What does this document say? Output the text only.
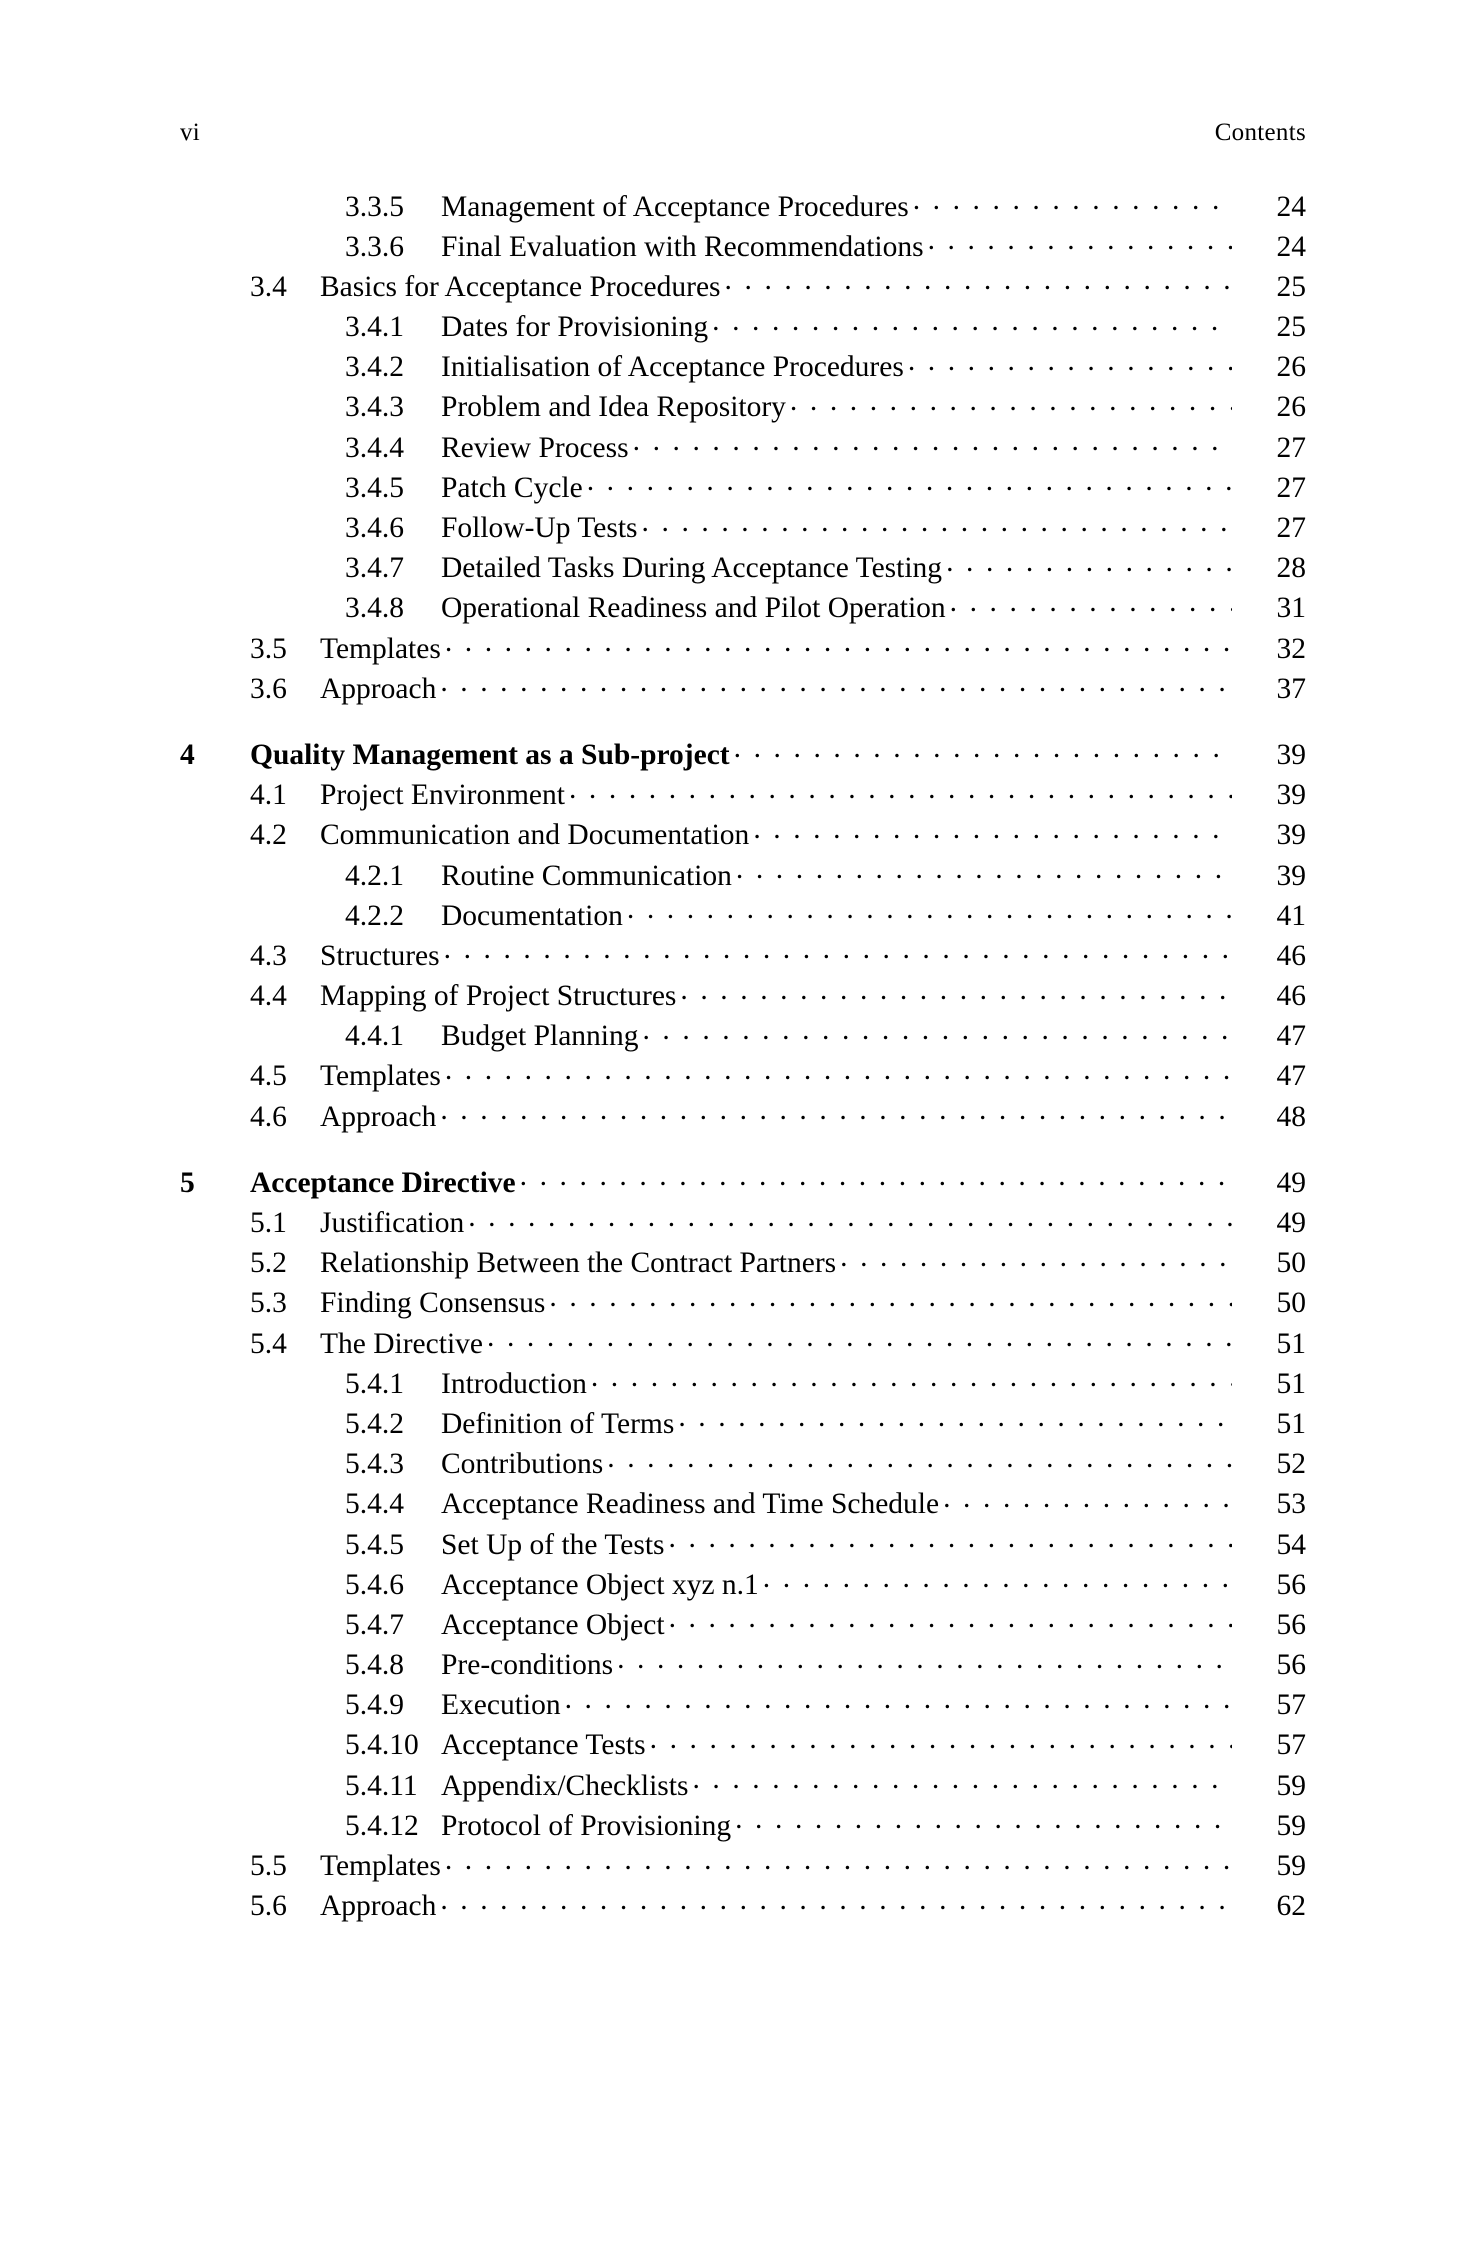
vi	Contents
3.3.5	Management of Acceptance Procedures . . .	24
3.3.6	Final Evaluation with Recommendations . . .	24
3.4	Basics for Acceptance Procedures . . .	25
3.4.1	Dates for Provisioning . . .	25
3.4.2	Initialisation of Acceptance Procedures . . .	26
3.4.3	Problem and Idea Repository . . .	26
3.4.4	Review Process . . .	27
3.4.5	Patch Cycle . . .	27
3.4.6	Follow-Up Tests . . .	27
3.4.7	Detailed Tasks During Acceptance Testing . . .	28
3.4.8	Operational Readiness and Pilot Operation . . .	31
3.5	Templates . . .	32
3.6	Approach . . .	37
4	Quality Management as a Sub-project . . .	39
4.1	Project Environment . . .	39
4.2	Communication and Documentation . . .	39
4.2.1	Routine Communication . . .	39
4.2.2	Documentation . . .	41
4.3	Structures . . .	46
4.4	Mapping of Project Structures . . .	46
4.4.1	Budget Planning . . .	47
4.5	Templates . . .	47
4.6	Approach . . .	48
5	Acceptance Directive . . .	49
5.1	Justification . . .	49
5.2	Relationship Between the Contract Partners . . .	50
5.3	Finding Consensus . . .	50
5.4	The Directive . . .	51
5.4.1	Introduction . . .	51
5.4.2	Definition of Terms . . .	51
5.4.3	Contributions . . .	52
5.4.4	Acceptance Readiness and Time Schedule . . .	53
5.4.5	Set Up of the Tests . . .	54
5.4.6	Acceptance Object xyz n.1 . . .	56
5.4.7	Acceptance Object . . .	56
5.4.8	Pre-conditions . . .	56
5.4.9	Execution . . .	57
5.4.10 Acceptance Tests . . .	57
5.4.11 Appendix/Checklists . . .	59
5.4.12 Protocol of Provisioning . . .	59
5.5	Templates . . .	59
5.6	Approach . . .	62
